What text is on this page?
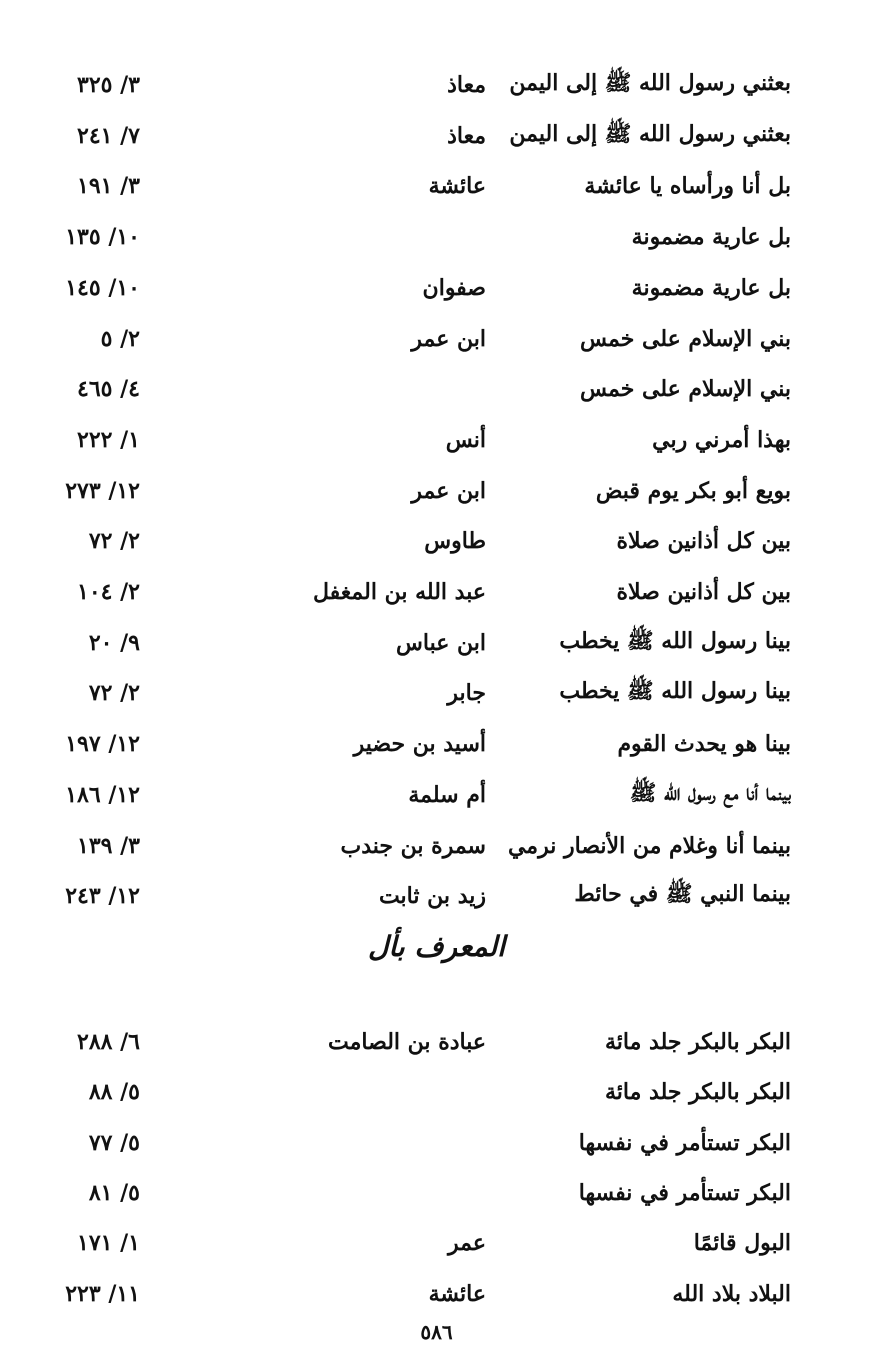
بعثني رسول الله ﷺ إلى اليمن
معاذ
٣/ ٣٢٥
بعثني رسول الله ﷺ إلى اليمن
معاذ
٧/ ٢٤١
بل أنا ورأساه يا عائشة
عائشة
٣/ ١٩١
بل عارية مضمونة
١٠/ ١٣٥
بل عارية مضمونة
صفوان
١٠/ ١٤٥
بني الإسلام على خمس
ابن عمر
٢/ ٥
بني الإسلام على خمس
٤/ ٤٦٥
بهذا أمرني ربي
أنس
١/ ٢٢٢
بويع أبو بكر يوم قبض
ابن عمر
١٢/ ٢٧٣
بين كل أذانين صلاة
طاوس
٢/ ٧٢
بين كل أذانين صلاة
عبد الله بن المغفل
٢/ ١٠٤
بينا رسول الله ﷺ يخطب
ابن عباس
٩/ ٢٠
بينا رسول الله ﷺ يخطب
جابر
٢/ ٧٢
بينا هو يحدث القوم
أسيد بن حضير
١٢/ ١٩٧
بينما أنا مع رسول الله ﷺ
أم سلمة
١٢/ ١٨٦
بينما أنا وغلام من الأنصار نرمي
سمرة بن جندب
٣/ ١٣٩
بينما النبي ﷺ في حائط
زيد بن ثابت
١٢/ ٢٤٣
المعرف بأل
البكر بالبكر جلد مائة
عبادة بن الصامت
٦/ ٢٨٨
البكر بالبكر جلد مائة
٥/ ٨٨
البكر تستأمر في نفسها
٥/ ٧٧
البكر تستأمر في نفسها
٥/ ٨١
البول قائمًا
عمر
١/ ١٧١
البلاد بلاد الله
عائشة
١١/ ٢٢٣
٥٨٦
